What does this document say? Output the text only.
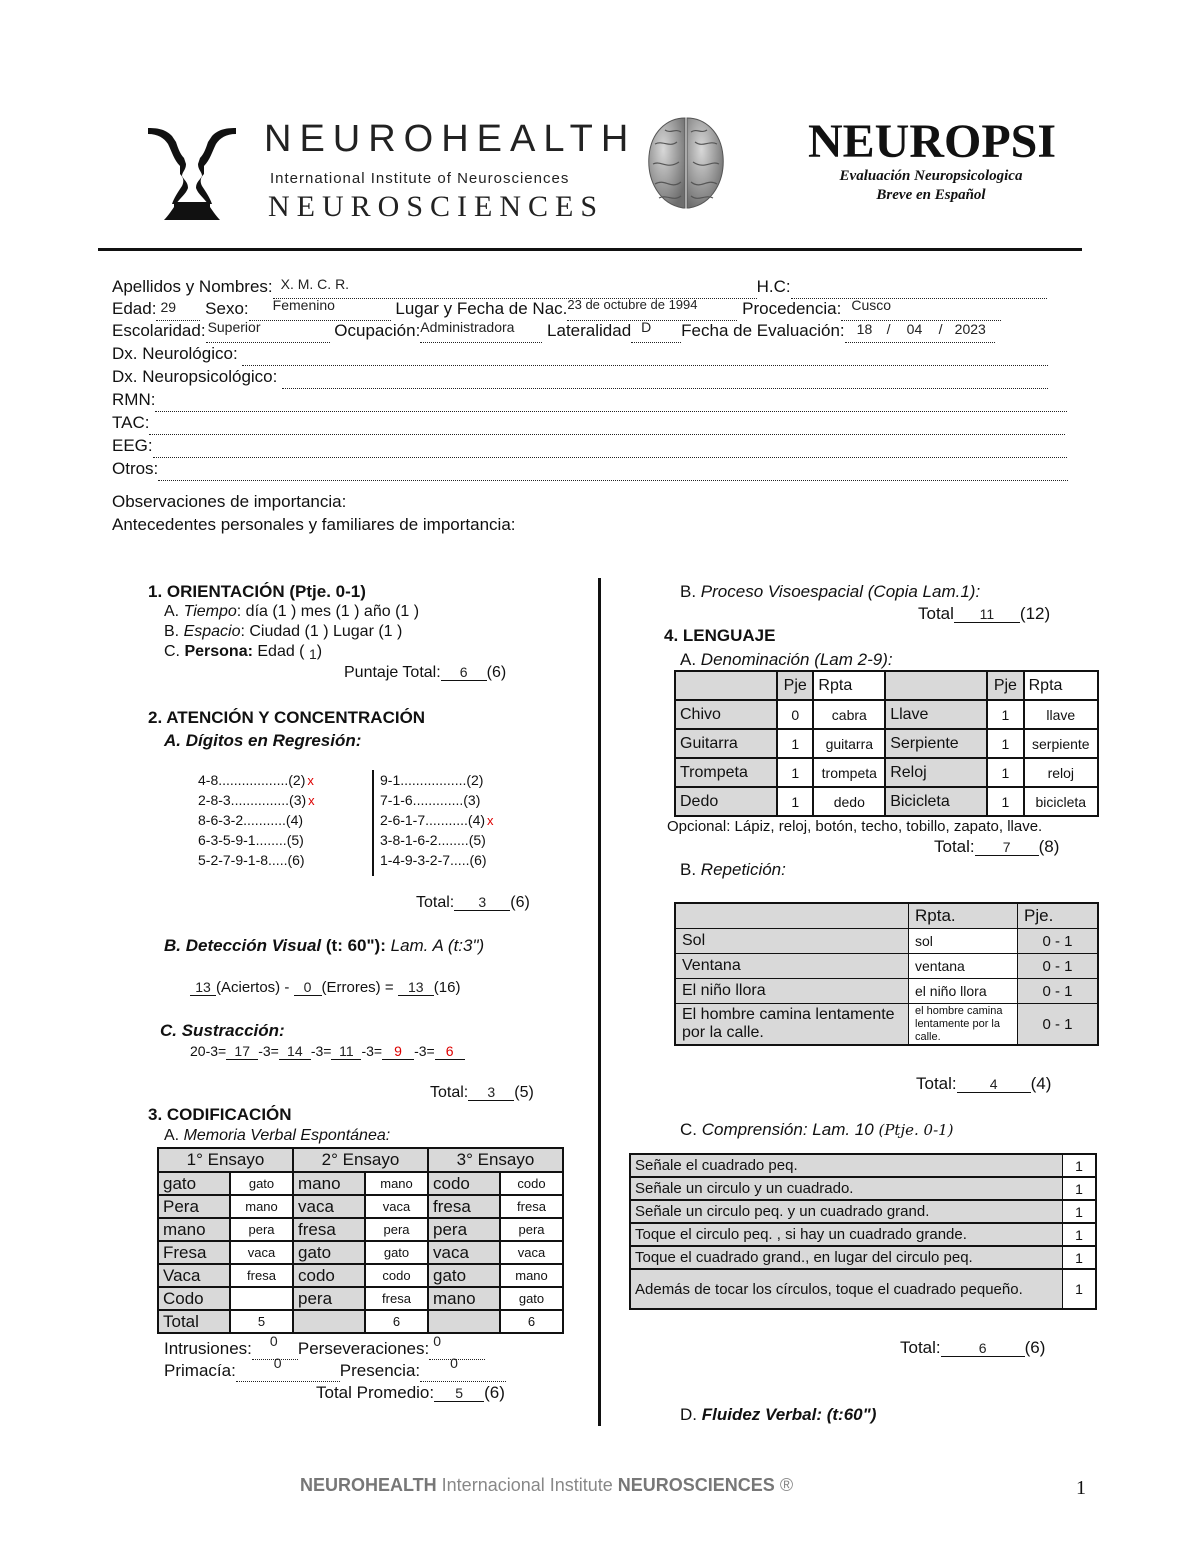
NEUROHEALTH
International Institute of Neurosciences
NEUROSCIENCES
NEUROPSI
Evaluación Neuropsicologica
Breve en Español
Apellidos y Nombres: X. M. C. R.	H.C:
Edad: 29 Sexo: Femenino	Lugar y Fecha de Nac. 23 de octubre de 1994	Procedencia: Cusco

Escolaridad: Superior	Ocupación: Administradora Lateralidad D Fecha de Evaluación: 18 / 04 / 2023

Dx. Neurológico:
Dx. Neuropsicológico:
RMN:
TAC:
EEG:
Otros:
Observaciones de importancia:
Antecedentes personales y familiares de importancia:
1. ORIENTACIÓN (Ptje. 0-1)
A. Tiempo: día (1 ) mes (1 ) año (1 )
B. Espacio: Ciudad (1 ) Lugar (1 )
C. Persona: Edad ( 1)
Puntaje Total: 6 (6)
2. ATENCIÓN Y CONCENTRACIÓN
A. Dígitos en Regresión:
4-8..................(2) x
2-8-3...............(3) x
8-6-3-2...........(4)
6-3-5-9-1........(5)
5-2-7-9-1-8.....(6)
9-1.................(2)
7-1-6.............(3)
2-6-1-7...........(4) x
3-8-1-6-2........(5)
1-4-9-3-2-7.....(6)
Total: 3 (6)
B. Detección Visual (t: 60"): Lam. A (t:3")
13 (Aciertos) - 0 (Errores) = 13 (16)
C. Sustracción:
20-3= 17 -3= 14 -3= 11 -3= 9 -3= 6
Total: 3 (5)
3. CODIFICACIÓN
A. Memoria Verbal Espontánea:
1° Ensayo		2° Ensayo		3° Ensayo	
gato	gato	mano	mano	codo	codo
Pera	mano	vaca	vaca	fresa	fresa
mano	pera	fresa	pera	pera	pera
Fresa	vaca	gato	gato	vaca	vaca
Vaca	fresa	codo	codo	gato	mano
Codo		pera	fresa	mano	gato
Total	5		6		6
Intrusiones: 0 Perseveraciones: 0

Primacía:	0	Presencia: 0

Total Promedio: 5 (6)
B. Proceso Visoespacial (Copia Lam.1):
Total 11 (12)
4. LENGUAJE
A. Denominación (Lam 2-9):
	Pje	Rpta		Pje	Rpta
Chivo	0	cabra	Llave	1	llave
Guitarra	1	guitarra	Serpiente	1	serpiente
Trompeta	1	trompeta	Reloj	1	reloj
Dedo	1	dedo	Bicicleta	1	bicicleta
Opcional: Lápiz, reloj, botón, techo, tobillo, zapato, llave.
Total: 7 (8)
B. Repetición:
	Rpta.	Pje.
Sol	sol	0 - 1
Ventana	ventana	0 - 1
El niño llora	el niño llora	0 - 1
El hombre camina lentamente por la calle.	el hombre camina lentamente por la calle.	0 - 1
Total: 4 (4)
C. Comprensión: Lam. 10 (Ptje. 0-1)
Señale el cuadrado peq.	1
Señale un circulo y un cuadrado.	1
Señale un circulo peq. y un cuadrado grand.	1
Toque el circulo peq. , si hay un cuadrado grande.	1
Toque el cuadrado grand., en lugar del circulo peq.	1
Además de tocar los círculos, toque el cuadrado pequeño.	1
Total:	6 (6)
D. Fluidez Verbal: (t:60")
NEUROHEALTH Internacional Institute NEUROSCIENCES ®	1
